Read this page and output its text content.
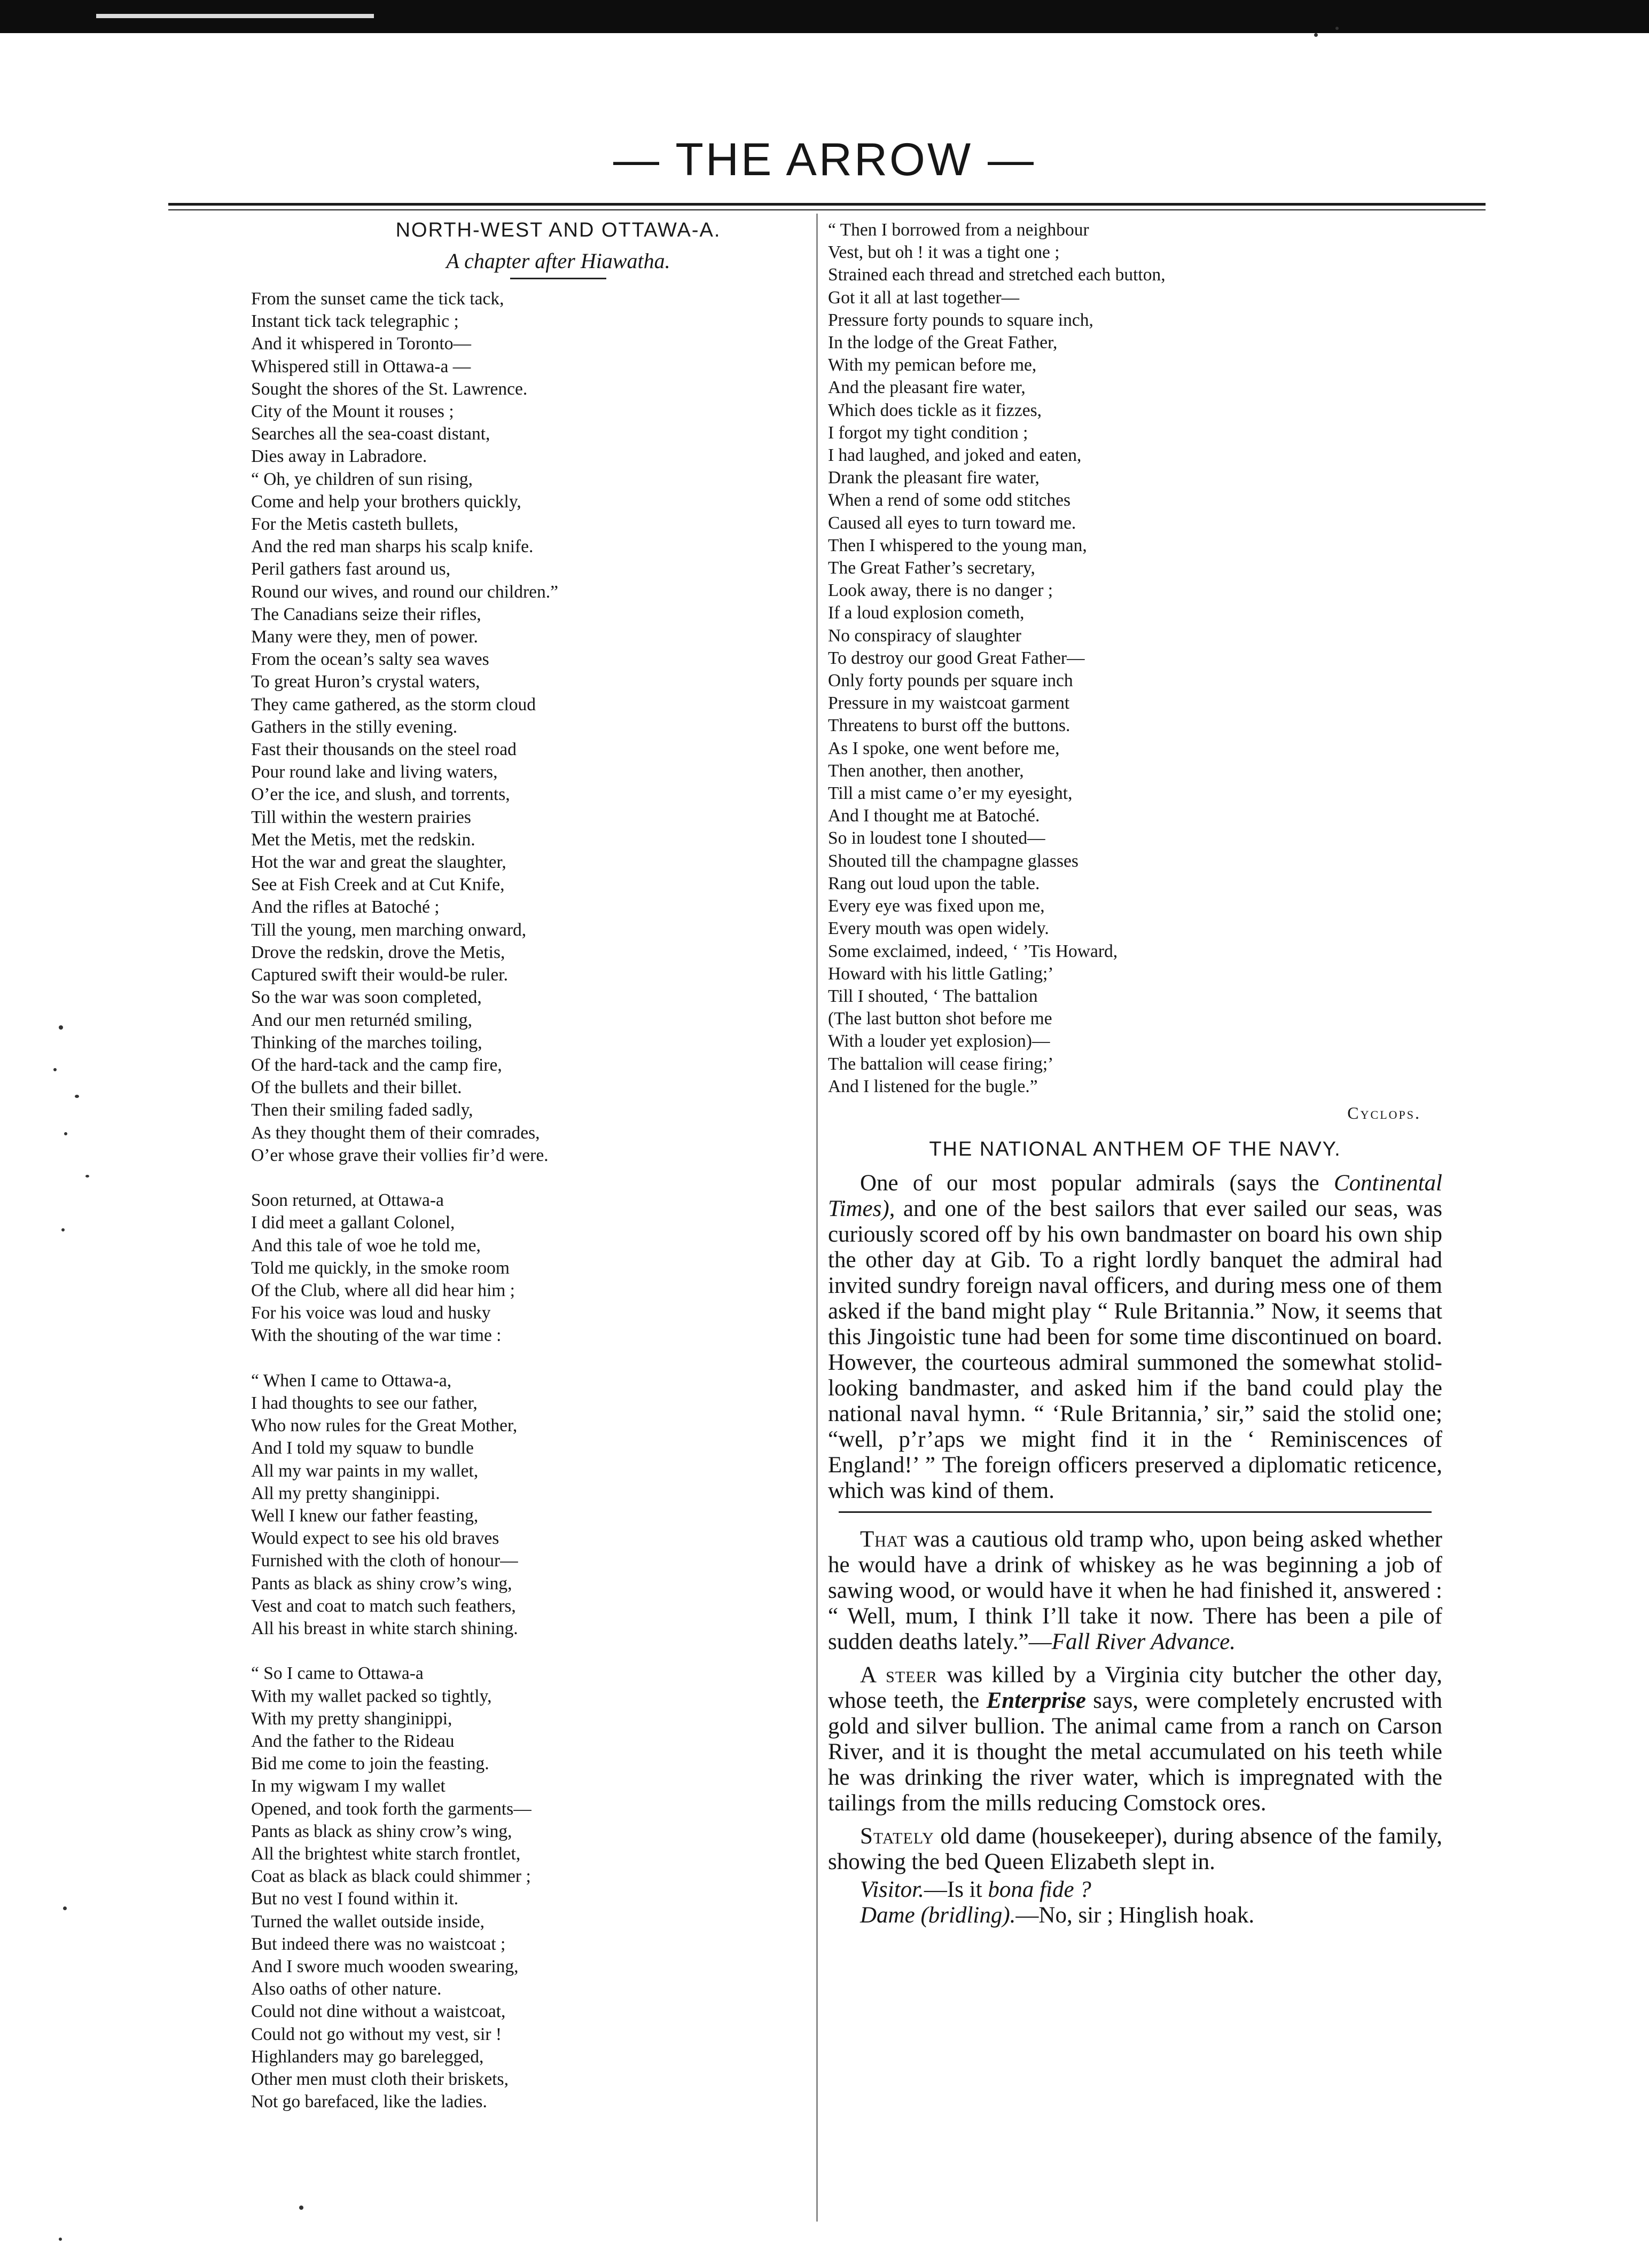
— THE ARROW —
NORTH-WEST AND OTTAWA-A.
A chapter after Hiawatha.
From the sunset came the tick tack,
Instant tick tack telegraphic ;
And it whispered in Toronto—
Whispered still in Ottawa-a —
Sought the shores of the St. Lawrence.
City of the Mount it rouses ;
Searches all the sea-coast distant,
Dies away in Labradore.
“ Oh, ye children of sun rising,
Come and help your brothers quickly,
For the Metis casteth bullets,
And the red man sharps his scalp knife.
Peril gathers fast around us,
Round our wives, and round our children.”
The Canadians seize their rifles,
Many were they, men of power.
From the ocean’s salty sea waves
To great Huron’s crystal waters,
They came gathered, as the storm cloud
Gathers in the stilly evening.
Fast their thousands on the steel road
Pour round lake and living waters,
O’er the ice, and slush, and torrents,
Till within the western prairies
Met the Metis, met the redskin.
Hot the war and great the slaughter,
See at Fish Creek and at Cut Knife,
And the rifles at Batoché ;
Till the young, men marching onward,
Drove the redskin, drove the Metis,
Captured swift their would-be ruler.
So the war was soon completed,
And our men returnéd smiling,
Thinking of the marches toiling,
Of the hard-tack and the camp fire,
Of the bullets and their billet.
Then their smiling faded sadly,
As they thought them of their comrades,
O’er whose grave their vollies fir’d were.
Soon returned, at Ottawa-a
I did meet a gallant Colonel,
And this tale of woe he told me,
Told me quickly, in the smoke room
Of the Club, where all did hear him ;
For his voice was loud and husky
With the shouting of the war time :
“ When I came to Ottawa-a,
I had thoughts to see our father,
Who now rules for the Great Mother,
And I told my squaw to bundle
All my war paints in my wallet,
All my pretty shanginippi.
Well I knew our father feasting,
Would expect to see his old braves
Furnished with the cloth of honour—
Pants as black as shiny crow’s wing,
Vest and coat to match such feathers,
All his breast in white starch shining.
“ So I came to Ottawa-a
With my wallet packed so tightly,
With my pretty shanginippi,
And the father to the Rideau
Bid me come to join the feasting.
In my wigwam I my wallet
Opened, and took forth the garments—
Pants as black as shiny crow’s wing,
All the brightest white starch frontlet,
Coat as black as black could shimmer ;
But no vest I found within it.
Turned the wallet outside inside,
But indeed there was no waistcoat ;
And I swore much wooden swearing,
Also oaths of other nature.
Could not dine without a waistcoat,
Could not go without my vest, sir !
Highlanders may go barelegged,
Other men must cloth their briskets,
Not go barefaced, like the ladies.
“ Then I borrowed from a neighbour
Vest, but oh ! it was a tight one ;
Strained each thread and stretched each button,
Got it all at last together—
Pressure forty pounds to square inch,
In the lodge of the Great Father,
With my pemican before me,
And the pleasant fire water,
Which does tickle as it fizzes,
I forgot my tight condition ;
I had laughed, and joked and eaten,
Drank the pleasant fire water,
When a rend of some odd stitches
Caused all eyes to turn toward me.
Then I whispered to the young man,
The Great Father’s secretary,
Look away, there is no danger ;
If a loud explosion cometh,
No conspiracy of slaughter
To destroy our good Great Father—
Only forty pounds per square inch
Pressure in my waistcoat garment
Threatens to burst off the buttons.
As I spoke, one went before me,
Then another, then another,
Till a mist came o’er my eyesight,
And I thought me at Batoché.
So in loudest tone I shouted—
Shouted till the champagne glasses
Rang out loud upon the table.
Every eye was fixed upon me,
Every mouth was open widely.
Some exclaimed, indeed, ‘ ’Tis Howard,
Howard with his little Gatling;’
Till I shouted, ‘ The battalion
(The last button shot before me
With a louder yet explosion)—
The battalion will cease firing;’
And I listened for the bugle.”
Cyclops.
THE NATIONAL ANTHEM OF THE NAVY.

One of our most popular admirals (says the Continental Times), and one of the best sailors that ever sailed our seas, was curiously scored off by his own bandmaster on board his own ship the other day at Gib. To a right lordly banquet the admiral had invited sundry foreign naval officers, and during mess one of them asked if the band might play “ Rule Britannia.” Now, it seems that this Jingoistic tune had been for some time discontinued on board. However, the courteous admiral summoned the somewhat stolid-looking bandmaster, and asked him if the band could play the national naval hymn. “ ‘Rule Britannia,’ sir,” said the stolid one; “well, p’r’aps we might find it in the ‘ Reminiscences of England!’ ” The foreign officers preserved a diplomatic reticence, which was kind of them.

That was a cautious old tramp who, upon being asked whether he would have a drink of whiskey as he was beginning a job of sawing wood, or would have it when he had finished it, answered : “ Well, mum, I think I’ll take it now. There has been a pile of sudden deaths lately.”—Fall River Advance.

A steer was killed by a Virginia city butcher the other day, whose teeth, the Enterprise says, were completely encrusted with gold and silver bullion. The animal came from a ranch on Carson River, and it is thought the metal accumulated on his teeth while he was drinking the river water, which is impregnated with the tailings from the mills reducing Comstock ores.

Stately old dame (housekeeper), during absence of the family, showing the bed Queen Elizabeth slept in.

Visitor.—Is it bona fide ?
Dame (bridling).—No, sir ; Hinglish hoak.
